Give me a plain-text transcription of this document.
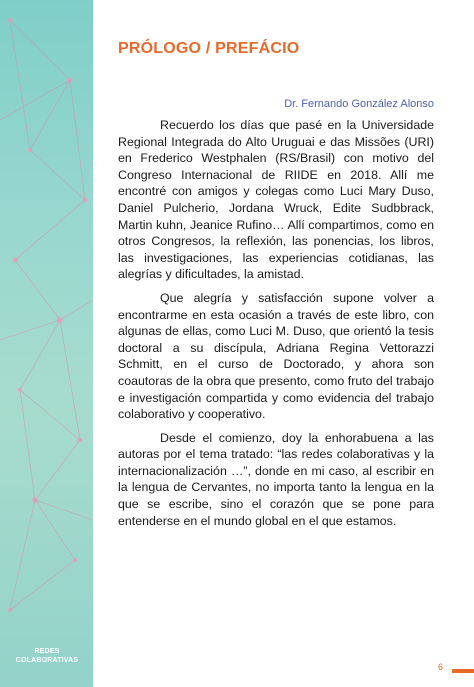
REDES
COLABORATIVAS
PRÓLOGO / PREFÁCIO

Dr. Fernando González Alonso

Recuerdo los días que pasé en la Universidade Regional Integrada do Alto Uruguai e das Missões (URI) en Frederico Westphalen (RS/Brasil) con motivo del Congreso Internacional de RIIDE en 2018. Allí me encontré con amigos y colegas como Luci Mary Duso, Daniel Pulcherio, Jordana Wruck, Edite Sudbbrack, Martin kuhn, Jeanice Rufino… Allí compartimos, como en otros Congresos, la reflexión, las ponencias, los libros, las investigaciones, las experiencias cotidianas, las alegrías y dificultades, la amistad.

Que alegría y satisfacción supone volver a encontrarme en esta ocasión a través de este libro, con algunas de ellas, como Luci M. Duso, que orientó la tesis doctoral a su discípula, Adriana Regina Vettorazzi Schmitt, en el curso de Doctorado, y ahora son coautoras de la obra que presento, como fruto del trabajo e investigación compartida y como evidencia del trabajo colaborativo y cooperativo.

Desde el comienzo, doy la enhorabuena a las autoras por el tema tratado: “las redes colaborativas y la internacionalización …”, donde en mi caso, al escribir en la lengua de Cervantes, no importa tanto la lengua en la que se escribe, sino el corazón que se pone para entenderse en el mundo global en el que estamos.

6
